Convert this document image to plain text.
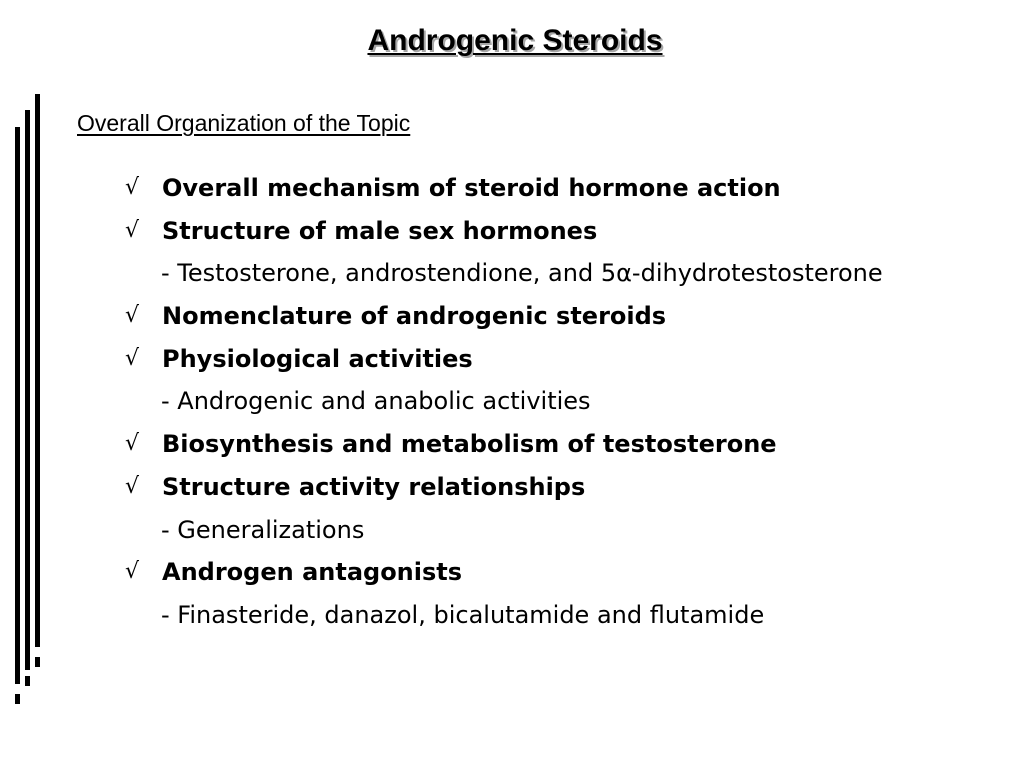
Androgenic Steroids
Overall Organization of the Topic
√ Overall mechanism of steroid hormone action
√ Structure of male sex hormones
- Testosterone, androstendione, and 5α-dihydrotestosterone
√ Nomenclature of androgenic steroids
√ Physiological activities
- Androgenic and anabolic activities
√ Biosynthesis and metabolism of testosterone
√ Structure activity relationships
- Generalizations
√ Androgen antagonists
- Finasteride, danazol, bicalutamide and flutamide
